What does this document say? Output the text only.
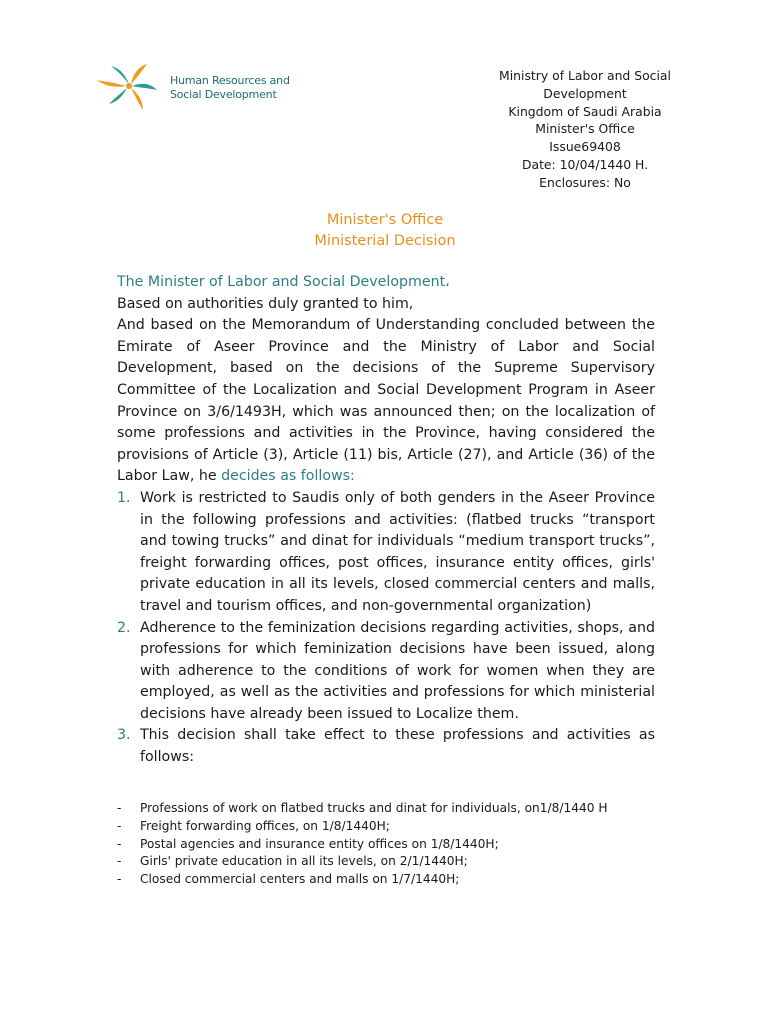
Human Resources and
Social Development
Ministry of Labor and Social
Development
Kingdom of Saudi Arabia
Minister's Office
Issue69408
Date: 10/04/1440 H.
Enclosures: No
Minister's Office
Ministerial Decision
The Minister of Labor and Social Development،
Based on authorities duly granted to him,
And based on the Memorandum of Understanding concluded between the Emirate of Aseer Province and the Ministry of Labor and Social Development, based on the decisions of the Supreme Supervisory Committee of the Localization and Social Development Program in Aseer Province on 3/6/1493H, which was announced then; on the localization of some professions and activities in the Province, having considered the provisions of Article (3), Article (11) bis, Article (27), and Article (36) of the Labor Law, he decides as follows:
1. Work is restricted to Saudis only of both genders in the Aseer Province in the following professions and activities: (flatbed trucks “transport and towing trucks” and dinat for individuals “medium transport trucks”, freight forwarding offices, post offices, insurance entity offices, girls' private education in all its levels, closed commercial centers and malls, travel and tourism offices, and non-governmental organization)
2. Adherence to the feminization decisions regarding activities, shops, and professions for which feminization decisions have been issued, along with adherence to the conditions of work for women when they are employed, as well as the activities and professions for which ministerial decisions have already been issued to Localize them.
3. This decision shall take effect to these professions and activities as follows:
- Professions of work on flatbed trucks and dinat for individuals, on1/8/1440 H
- Freight forwarding offices, on 1/8/1440H;
- Postal agencies and insurance entity offices on 1/8/1440H;
- Girls' private education in all its levels, on 2/1/1440H;
- Closed commercial centers and malls on 1/7/1440H;
